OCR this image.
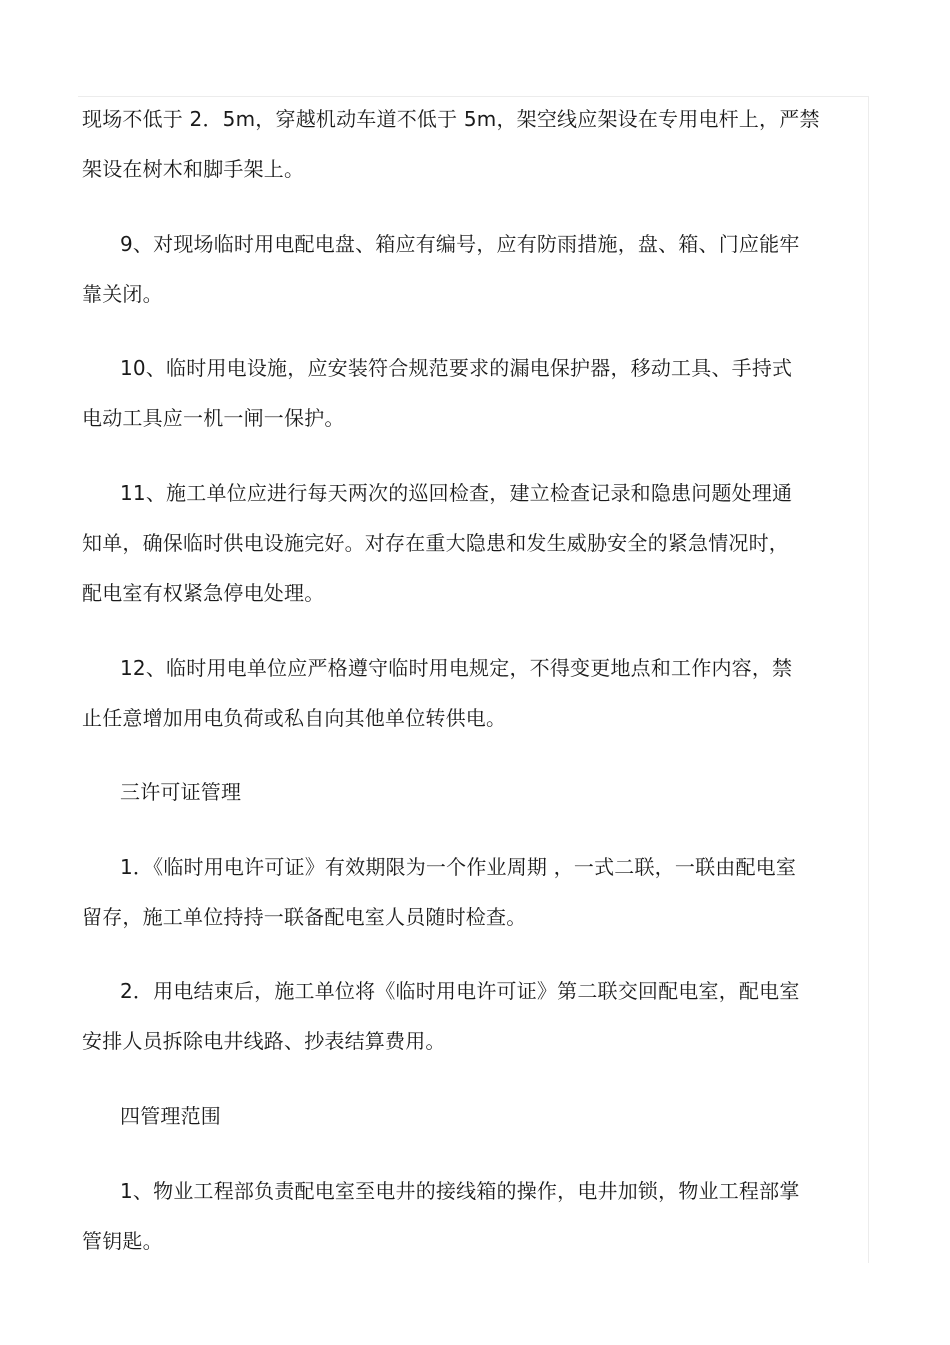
现场不低于 2．5m，穿越机动车道不低于 5m，架空线应架设在专用电杆上，严禁
架设在树木和脚手架上。
9、对现场临时用电配电盘、箱应有编号，应有防雨措施，盘、箱、门应能牢
靠关闭。
10、临时用电设施，应安装符合规范要求的漏电保护器，移动工具、手持式
电动工具应一机一闸一保护。
11、施工单位应进行每天两次的巡回检查，建立检查记录和隐患问题处理通
知单，确保临时供电设施完好。对存在重大隐患和发生威胁安全的紧急情况时，
配电室有权紧急停电处理。
12、临时用电单位应严格遵守临时用电规定，不得变更地点和工作内容，禁
止任意增加用电负荷或私自向其他单位转供电。
三许可证管理
1．《临时用电许可证》有效期限为一个作业周期 ，一式二联，一联由配电室
留存，施工单位持持一联备配电室人员随时检查。
2．用电结束后，施工单位将《临时用电许可证》第二联交回配电室，配电室
安排人员拆除电井线路、抄表结算费用。
四管理范围
1、物业工程部负责配电室至电井的接线箱的操作，电井加锁，物业工程部掌
管钥匙。
